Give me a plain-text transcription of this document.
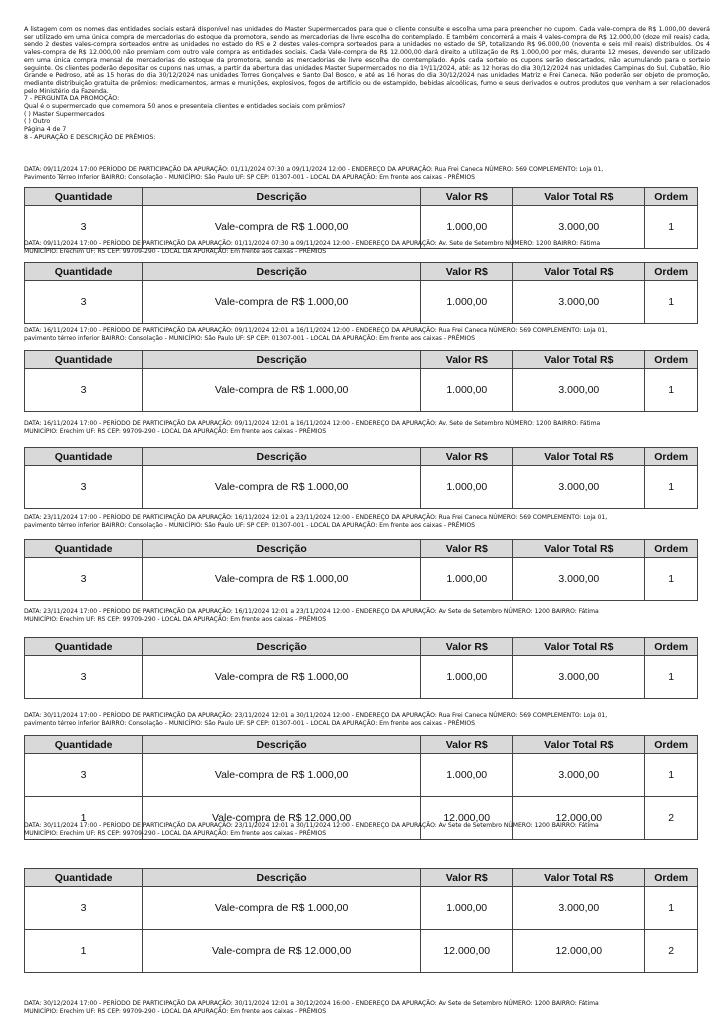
A listagem com os nomes das entidades sociais estará disponível nas unidades do Master Supermercados para que o cliente consulte e escolha uma para preencher no cupom. Cada vale-compra de R$ 1.000,00 deverá ser utilizado em uma única compra de mercadorias do estoque da promotora, sendo as mercadorias de livre escolha do contemplado. E também concorrerá a mais 4 vales-compra de R$ 12.000,00 (doze mil reais) cada, sendo 2 destes vales-compra sorteados entre as unidades no estado do RS e 2 destes vales-compra sorteados para a unidades no estado de SP, totalizando R$ 96.000,00 (noventa e seis mil reais) distribuídos. Os 4 vales-compra de R$ 12.000,00 não premiam com outro vale compra as entidades sociais. Cada Vale-compra de R$ 12.000,00 dará direito a utilização de R$ 1.000,00 por mês, durante 12 meses, devendo ser utilizado em uma única compra mensal de mercadorias do estoque da promotora, sendo as mercadorias de livre escolha do comtemplado. Após cada sorteio os cupons serão descartados, não acumulando para o sorteio seguinte. Os clientes poderão depositar os cupons nas urnas, a partir da abertura das unidades Master Supermercados no dia 1º/11/2024, até: as 12 horas do dia 30/12/2024 nas unidades Campinas do Sul, Cubatão, Rio Grande e Pedroso, até as 15 horas do dia 30/12/2024 nas unidades Torres Gonçalves e Santo Dal Bosco, e até as 16 horas do dia 30/12/2024 nas unidades Matriz e Frei Caneca. Não poderão ser objeto de promoção, mediante distribuição gratuita de prêmios: medicamentos, armas e munições, explosivos, fogos de artifício ou de estampido, bebidas alcoólicas, fumo e seus derivados e outros produtos que venham a ser relacionados pelo Ministério da Fazenda.

7 - PERGUNTA DA PROMOÇÃO:
Qual é o supermercado que comemora 50 anos e presenteia clientes e entidades sociais com prêmios?
( ) Master Supermercados
( ) Outro
Página 4 de 7
8 - APURAÇÃO E DESCRIÇÃO DE PRÊMIOS:
DATA: 09/11/2024 17:00 PERÍODO DE PARTICIPAÇÃO DA APURAÇÃO: 01/11/2024 07:30 a 09/11/2024 12:00 - ENDEREÇO DA APURAÇÃO: Rua Frei Caneca NÚMERO: 569 COMPLEMENTO: Loja 01,
Pavimento Térreo Inferior BAIRRO: Consolação - MUNICÍPIO: São Paulo UF: SP CEP: 01307-001 - LOCAL DA APURAÇÃO: Em frente aos caixas - PRÊMIOS
Quantidade	Descrição	Valor R$	Valor Total R$	Ordem
3	Vale-compra de R$ 1.000,00	1.000,00	3.000,00	1
DATA: 09/11/2024 17:00 - PERÍODO DE PARTICIPAÇÃO DA APURAÇÃO: 01/11/2024 07:30 a 09/11/2024 12:00 - ENDEREÇO DA APURAÇÃO: Av. Sete de Setembro NÚMERO: 1200 BAIRRO: Fátima
MUNICÍPIO: Erechim UF: RS CEP: 99709-290 - LOCAL DA APURAÇÃO: Em frente aos caixas - PRÊMIOS
Quantidade	Descrição	Valor R$	Valor Total R$	Ordem
3	Vale-compra de R$ 1.000,00	1.000,00	3.000,00	1
DATA: 16/11/2024 17:00 - PERÍODO DE PARTICIPAÇÃO DA APURAÇÃO: 09/11/2024 12:01 a 16/11/2024 12:00 - ENDEREÇO DA APURAÇÃO: Rua Frei Caneca NÚMERO: 569 COMPLEMENTO: Loja 01,
pavimento térreo inferior BAIRRO: Consolação - MUNICÍPIO: São Paulo UF: SP CEP: 01307-001 - LOCAL DA APURAÇÃO: Em frente aos caixas - PRÊMIOS
Quantidade	Descrição	Valor R$	Valor Total R$	Ordem
3	Vale-compra de R$ 1.000,00	1.000,00	3.000,00	1
DATA: 16/11/2024 17:00 - PERÍODO DE PARTICIPAÇÃO DA APURAÇÃO: 09/11/2024 12:01 a 16/11/2024 12:00 - ENDEREÇO DA APURAÇÃO: Av. Sete de Setembro NÚMERO: 1200 BAIRRO: Fátima
MUNICÍPIO: Erechim UF: RS CEP: 99709-290 - LOCAL DA APURAÇÃO: Em frente aos caixas - PRÊMIOS
Quantidade	Descrição	Valor R$	Valor Total R$	Ordem
3	Vale-compra de R$ 1.000,00	1.000,00	3.000,00	1
DATA: 23/11/2024 17:00 - PERÍODO DE PARTICIPAÇÃO DA APURAÇÃO: 16/11/2024 12:01 a 23/11/2024 12:00 - ENDEREÇO DA APURAÇÃO: Rua Frei Caneca NÚMERO: 569 COMPLEMENTO: Loja 01,
pavimento térreo inferior BAIRRO: Consolação - MUNICÍPIO: São Paulo UF: SP CEP: 01307-001 - LOCAL DA APURAÇÃO: Em frente aos caixas - PRÊMIOS
Quantidade	Descrição	Valor R$	Valor Total R$	Ordem
3	Vale-compra de R$ 1.000,00	1.000,00	3.000,00	1
DATA: 23/11/2024 17:00 - PERÍODO DE PARTICIPAÇÃO DA APURAÇÃO: 16/11/2024 12:01 a 23/11/2024 12:00 - ENDEREÇO DA APURAÇÃO: Av Sete de Setembro NÚMERO: 1200 BAIRRO: Fátima
MUNICÍPIO: Erechim UF: RS CEP: 99709-290 - LOCAL DA APURAÇÃO: Em frente aos caixas - PRÊMIOS
Quantidade	Descrição	Valor R$	Valor Total R$	Ordem
3	Vale-compra de R$ 1.000,00	1.000,00	3.000,00	1
DATA: 30/11/2024 17:00 - PERÍODO DE PARTICIPAÇÃO DA APURAÇÃO: 23/11/2024 12:01 a 30/11/2024 12:00 - ENDEREÇO DA APURAÇÃO: Rua Frei Caneca NÚMERO: 569 COMPLEMENTO: Loja 01,
pavimento térreo inferior BAIRRO: Consolação - MUNICÍPIO: São Paulo UF: SP CEP: 01307-001 - LOCAL DA APURAÇÃO: Em frente aos caixas - PRÊMIOS
Quantidade	Descrição	Valor R$	Valor Total R$	Ordem
3	Vale-compra de R$ 1.000,00	1.000,00	3.000,00	1
1	Vale-compra de R$ 12.000,00	12.000,00	12.000,00	2
DATA: 30/11/2024 17:00 - PERÍODO DE PARTICIPAÇÃO DA APURAÇÃO: 23/11/2024 12:01 a 30/11/2024 12:00 - ENDEREÇO DA APURAÇÃO: Av Sete de Setembro NÚMERO: 1200 BAIRRO: Fátima
MUNICÍPIO: Erechim UF: RS CEP: 99709-290 - LOCAL DA APURAÇÃO: Em frente aos caixas - PRÊMIOS
Quantidade	Descrição	Valor R$	Valor Total R$	Ordem
3	Vale-compra de R$ 1.000,00	1.000,00	3.000,00	1
1	Vale-compra de R$ 12.000,00	12.000,00	12.000,00	2
DATA: 30/12/2024 17:00 - PERÍODO DE PARTICIPAÇÃO DA APURAÇÃO: 30/11/2024 12:01 a 30/12/2024 16:00 - ENDEREÇO DA APURAÇÃO: Av Sete de Setembro NÚMERO: 1200 BAIRRO: Fátima
MUNICÍPIO: Erechim UF: RS CEP: 99709-290 - LOCAL DA APURAÇÃO: Em frente aos caixas - PRÊMIOS
